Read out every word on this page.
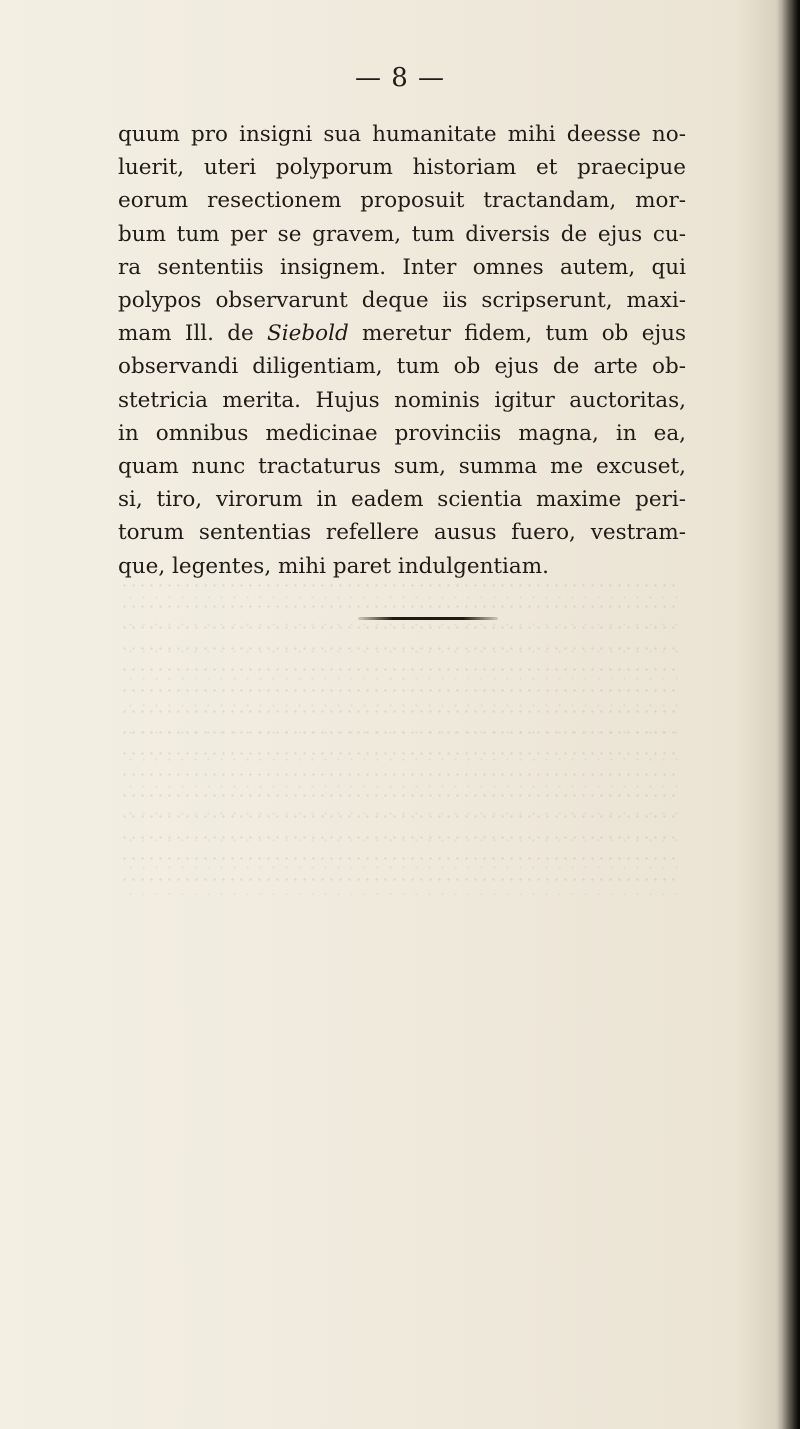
— 8 —

quum pro insigni sua humanitate mihi deesse no-
luerit, uteri polyporum historiam et praecipue
eorum resectionem proposuit tractandam, mor-
bum tum per se gravem, tum diversis de ejus cu-
ra sententiis insignem. Inter omnes autem, qui
polypos observarunt deque iis scripserunt, maxi-
mam Ill. de Siebold meretur fidem, tum ob ejus
observandi diligentiam, tum ob ejus de arte ob-
stetricia merita. Hujus nominis igitur auctoritas,
in omnibus medicinae provinciis magna, in ea,
quam nunc tractaturus sum, summa me excuset,
si, tiro, virorum in eadem scientia maxime peri-
torum sententias refellere ausus fuero, vestram-
que, legentes, mihi paret indulgentiam.
